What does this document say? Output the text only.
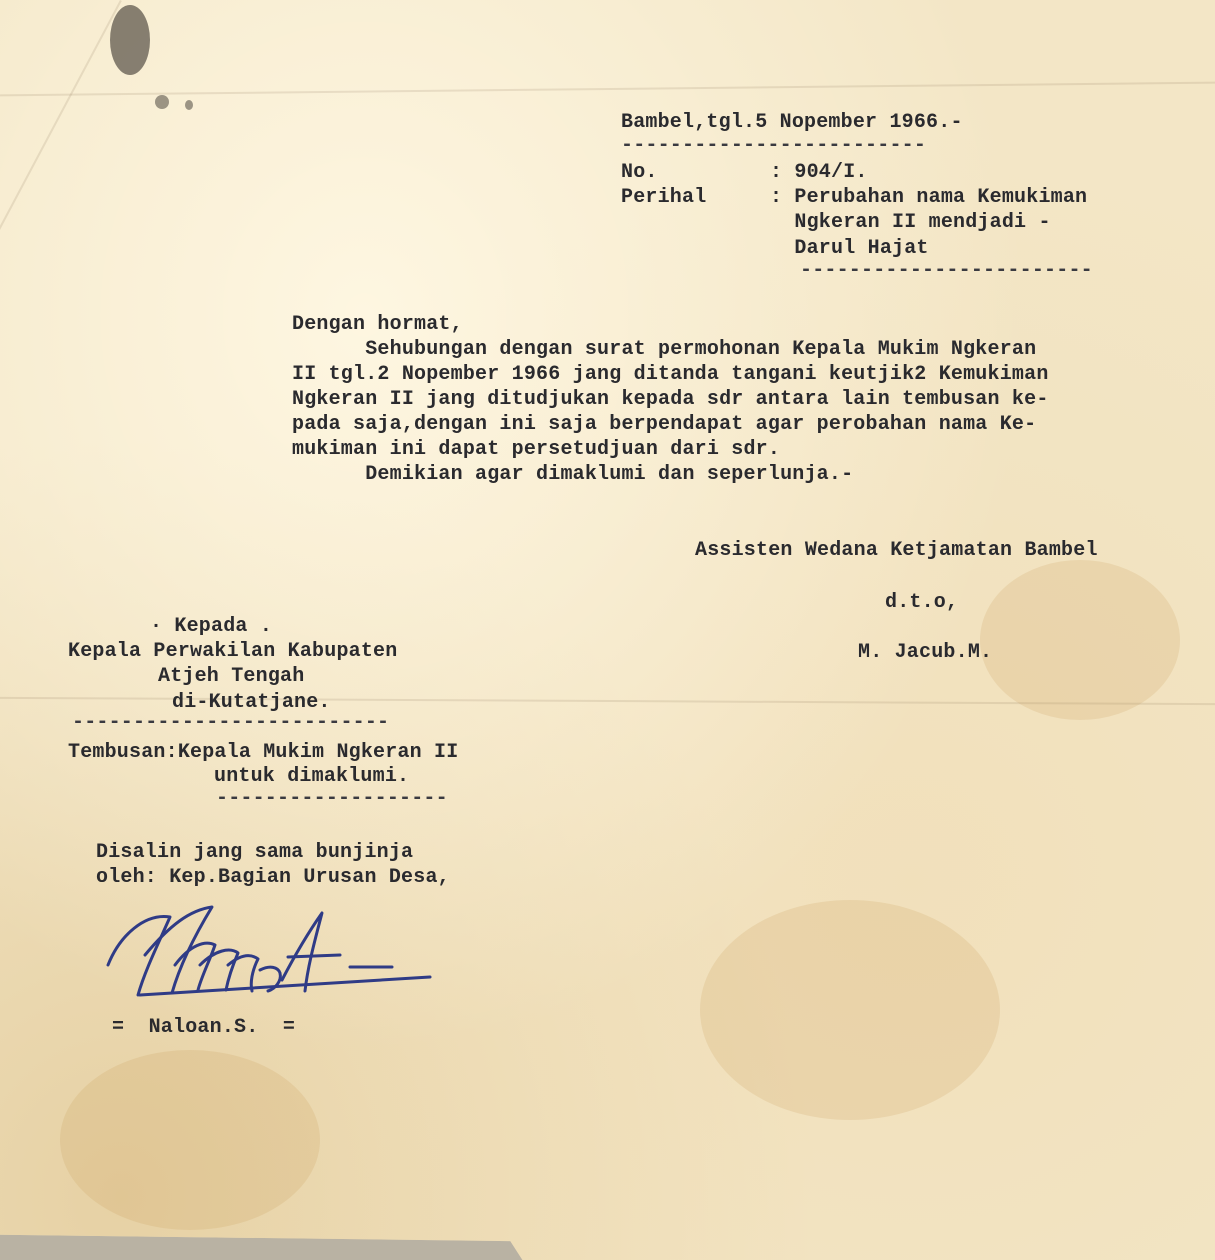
Bambel,tgl.5 Nopember 1966.-

-------------------------

No.	: 904/I.

Perihal	: Perubahan nama Kemukiman

Ngkeran II mendjadi -

Darul Hajat

------------------------

Dengan hormat,

Sehubungan dengan surat permohonan Kepala Mukim Ngkeran

II tgl.2 Nopember 1966 jang ditanda tangani keutjik2 Kemukiman

Ngkeran II jang ditudjukan kepada sdr antara lain tembusan ke-

pada saja,dengan ini saja berpendapat agar perobahan nama Ke-

mukiman ini dapat persetudjuan dari sdr.

Demikian agar dimaklumi dan seperlunja.-

Assisten Wedana Ketjamatan Bambel

d.t.o,

M. Jacub.M.

· Kepada .

Kepala Perwakilan Kabupaten

Atjeh Tengah

di-Kutatjane.

--------------------------

Tembusan:Kepala Mukim Ngkeran II

untuk dimaklumi.

-------------------

Disalin jang sama bunjinja

oleh: Kep.Bagian Urusan Desa,

=  Naloan.S.  =
